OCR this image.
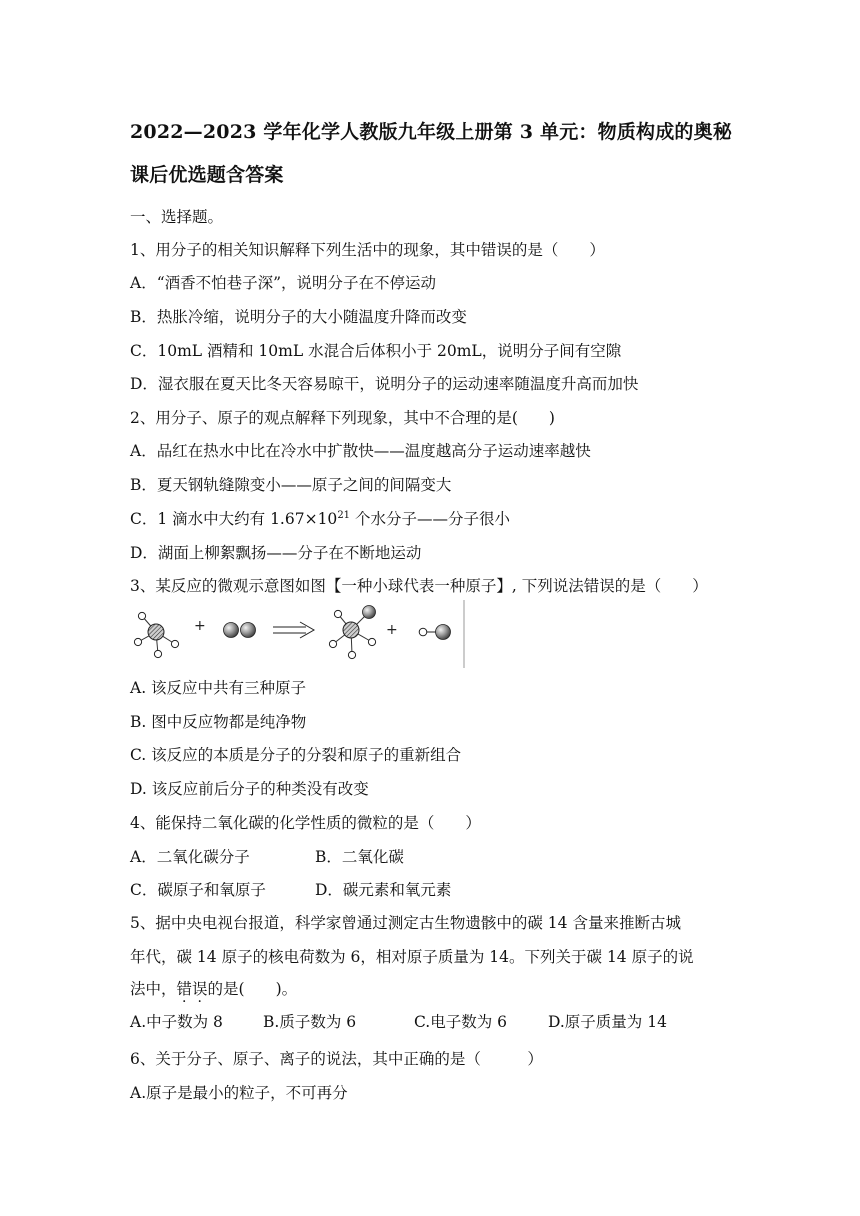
2022—2023 学年化学人教版九年级上册第 3 单元：物质构成的奥秘
课后优选题含答案
一、选择题。
1、用分子的相关知识解释下列生活中的现象，其中错误的是（　　）
A．“酒香不怕巷子深”，说明分子在不停运动
B．热胀冷缩，说明分子的大小随温度升降而改变
C．10mL 酒精和 10mL 水混合后体积小于 20mL，说明分子间有空隙
D．湿衣服在夏天比冬天容易晾干，说明分子的运动速率随温度升高而加快
2、用分子、原子的观点解释下列现象，其中不合理的是(　　)
A．品红在热水中比在冷水中扩散快——温度越高分子运动速率越快
B．夏天钢轨缝隙变小——原子之间的间隔变大
C．1 滴水中大约有 $1.67\times 10^{21}$ 个水分子——分子很小
D．湖面上柳絮飘扬——分子在不断地运动
3、某反应的微观示意图如图【一种小球代表一种原子】, 下列说法错误的是（　　）
+	+
A. 该反应中共有三种原子
B. 图中反应物都是纯净物
C. 该反应的本质是分子的分裂和原子的重新组合
D. 该反应前后分子的种类没有改变
4、能保持二氧化碳的化学性质的微粒的是（　　）
A．二氧化碳分子	B．二氧化碳
C．碳原子和氧原子	D．碳元素和氧元素
5、据中央电视台报道，科学家曾通过测定古生物遗骸中的碳 14 含量来推断古城
年代，碳 14 原子的核电荷数为 6，相对原子质量为 14。下列关于碳 14 原子的说
法中，错误的是(　　)。
A.中子数为 8	B.质子数为 6	C.电子数为 6	D.原子质量为 14
6、关于分子、原子、离子的说法，其中正确的是（　　　）
A.原子是最小的粒子，不可再分
